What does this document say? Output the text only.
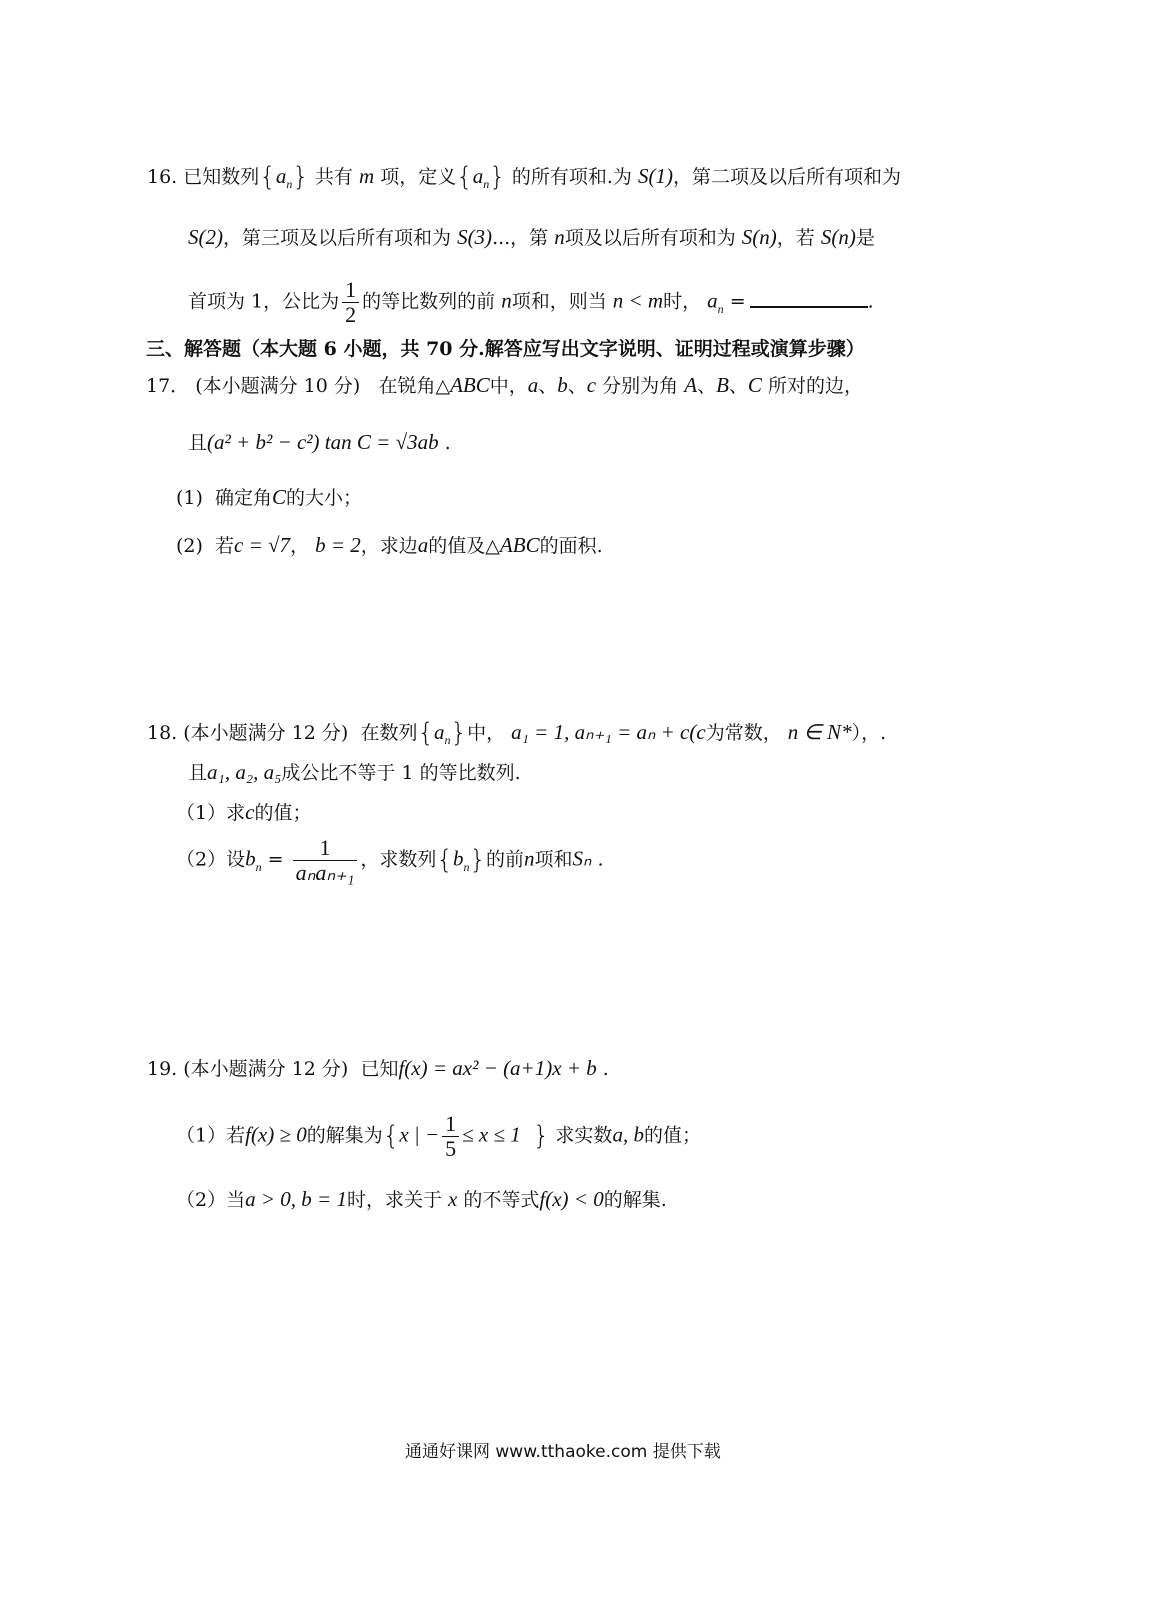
16. 已知数列$\{a_n\}$ 共有 m 项，定义$\{a_n\}$ 的所有项和.为 S(1)，第二项及以后所有项和为
S(2)，第三项及以后所有项和为 S(3)...，第 n项及以后所有项和为 S(n)，若 S(n)是
首项为 1，公比为 $\frac{1}{2}$ 的等比数列的前 n项和，则当 n < m时， $a_n$ =	.
三、解答题（本大题 6 小题，共 70 分.解答应写出文字说明、证明过程或演算步骤）
17． (本小题满分 10 分) 在锐角△ABC中，a、b、c 分别为角 A、B、C 所对的边，
且(a² + b² − c²) tan C = √3ab .
(1) 确定角C的大小；
(2) 若c = √7， b = 2，求边a的值及△ABC的面积.
18. (本小题满分 12 分) 在数列$\{a_n\}$中， a₁ = 1, aₙ₊₁ = aₙ + c(c为常数， n ∈ N*），.
且a₁, a₂, a₅成公比不等于 1 的等比数列.
（1）求c的值；
（2）设$b_n = \frac{1}{\text{aₙaₙ₊₁}}$ ，求数列$\{b_n\}$的前n项和Sₙ .
19. (本小题满分 12 分) 已知f(x) = ax² − (a+1)x + b .
（1）若f(x) ≥ 0的解集为{x | − $\frac{1}{5} \le x \le 1$ } 求实数a, b的值；
（2）当a > 0, b = 1时，求关于 x 的不等式f(x) < 0的解集.
通通好课网 www.tthaoke.com 提供下载
